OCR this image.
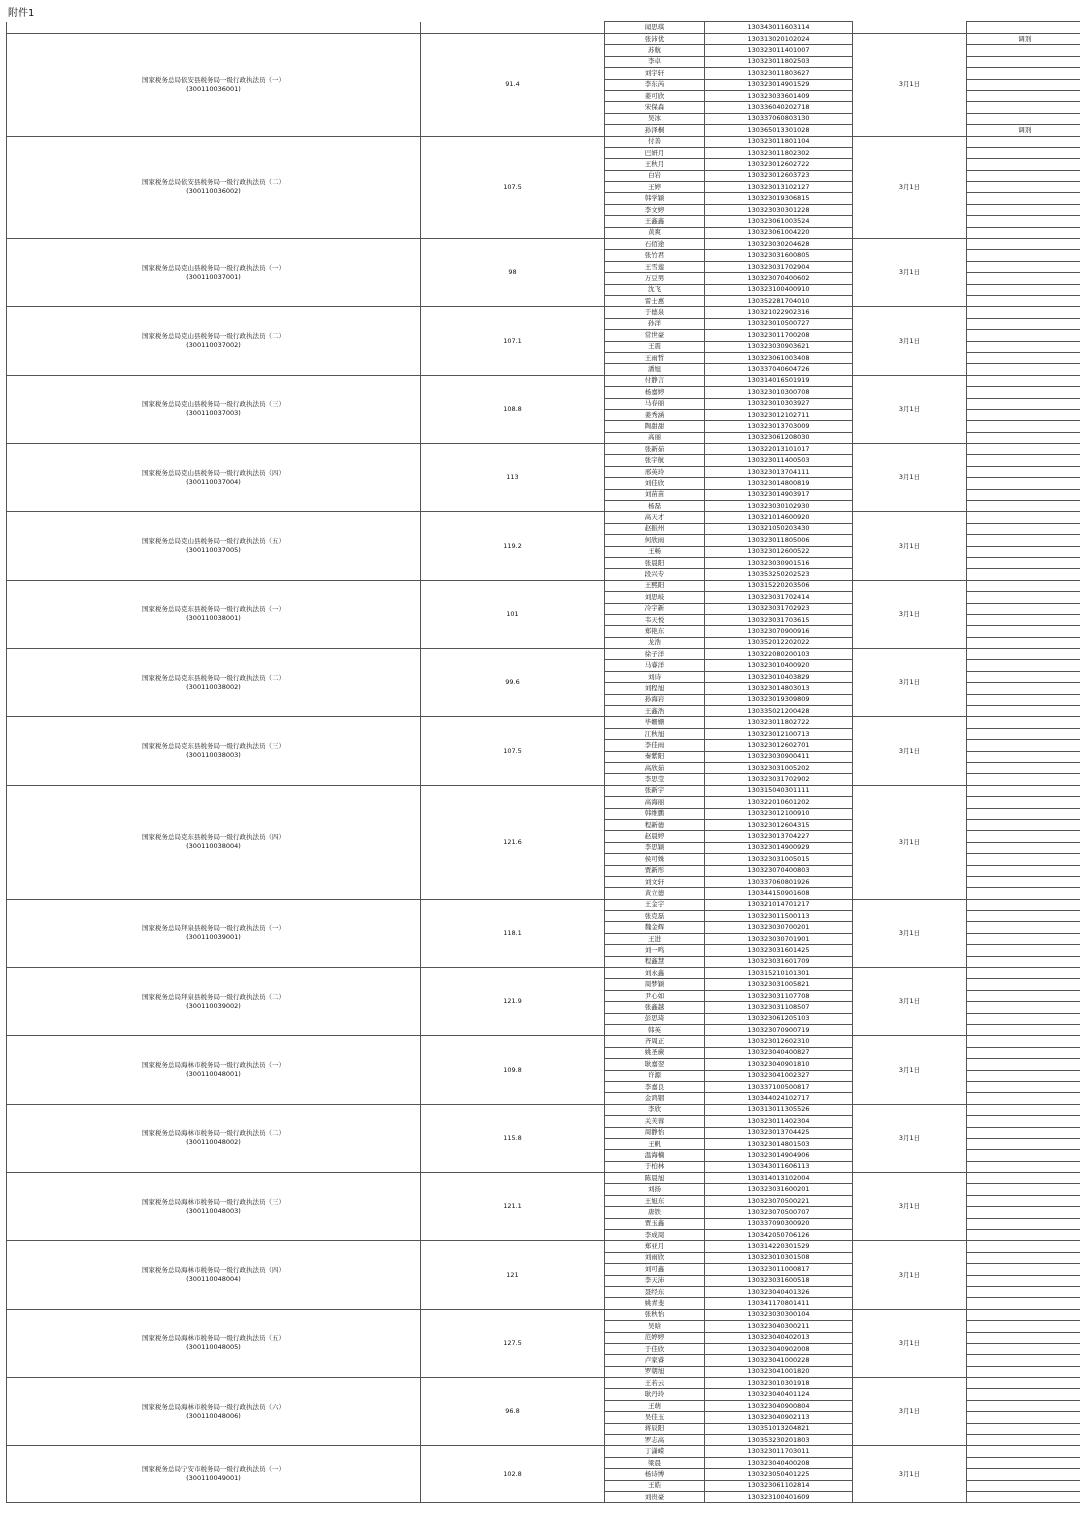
附件1
		闻思琪	130343011603114		

国家税务总局依安县税务局一级行政执法员（一）
(300110036001)	91.4	张沛优	130313020102024	3月1日	调剂
		苏航	130323011401007		
		李卓	130323011802503		
		刘宇轩	130323011803627		
		李东芮	130323014901529		
		姜可欣	130323033601409		
		宋保森	130336040202718		
		吴冰	130337060803130		
		孙泽桐	130365013301028		调剂

国家税务总局依安县税务局一级行政执法员（二）
(300110036002)	107.5	付善	130323011801104	3月1日	
		巴妍月	130323011802302		
		王秋月	130323012602722		
		白岩	130323012603723		
		王婷	130323013102127		
		韩学颖	130323019306815		
		李文婷	130323030301228		
		王鑫鑫	130323061003524		
		黄爽	130323061004220		

国家税务总局克山县税务局一级行政执法员（一）
(300110037001)	98	石佰途	130323030204628	3月1日	
		张竹君	130323031600805		
		王雪莲	130323031702904		
		万豆男	130323070400602		
		沈飞	130323100400910		
		雷士惠	130352281704010		

国家税务总局克山县税务局一级行政执法员（二）
(300110037002)	107.1	于德泉	130321022902316	3月1日	
		孙洋	130323010500727		
		常世豪	130323011700208		
		王震	130323030903621		
		王雨晢	130323061003408		
		潘旭	130337040604726		

国家税务总局克山县税务局一级行政执法员（三）
(300110037003)	108.8	付静言	130314016501919	3月1日	
		杨嘉婷	130323010300708		
		马春丽	130323010303927		
		姜秀涵	130323012102711		
		陶甜甜	130323013703009		
		高丽	130323061208030		

国家税务总局克山县税务局一级行政执法员（四）
(300110037004)	113	张新茹	130322013101017	3月1日	
		张宇航	130323011400503		
		邢英玲	130323013704111		
		刘佳欣	130323014800819		
		刘苗苗	130323014903917		
		杨磊	130323030102930		

国家税务总局克山县税务局一级行政执法员（五）
(300110037005)	119.2	高天才	130321014600920	3月1日	
		赵振州	130321050203430		
		何欣雨	130323011805006		
		王畅	130323012600522		
		张晨阳	130323030901516		
		段兴专	130353250202523		

国家税务总局克东县税务局一级行政执法员（一）
(300110038001)	101	王熙阳	130315220203506	3月1日	
		刘思岐	130323031702414		
		冷宇新	130323031702923		
		韦天悦	130323031703615		
		郑艳东	130323070900916		
		龙浩	130352012202022		

国家税务总局克东县税务局一级行政执法员（二）
(300110038002)	99.6	徐子洋	130322080200103	3月1日	
		马睿洋	130323010400920		
		刘诗	130323010403829		
		刘程旭	130323014803013		
		孙海岩	130323019309809		
		王鑫浩	130335021200428		

国家税务总局克东县税务局一级行政执法员（三）
(300110038003)	107.5	毕姗姗	130323011802722	3月1日	
		江秋旭	130323012100713		
		李佳雨	130323012602701		
		秦紫阳	130323030900411		
		高欣茹	130323031005202		
		李思莹	130323031702902		

国家税务总局克东县税务局一级行政执法员（四）
(300110038004)	121.6	张新宇	130315040301111	3月1日	
		高海丽	130322010601202		
		韩维鹏	130323012100910		
		程新德	130323012604315		
		赵晨婷	130323013704227		
		李思颖	130323014900929		
		侯可姝	130323031005015		
		贾新彤	130323070400803		
		刘文轩	130337060801926		
		黄立德	130344150901608		

国家税务总局拜泉县税务局一级行政执法员（一）
(300110039001)	118.1	王金宇	130321014701217	3月1日	
		张克磊	130323011500113		
		魏金辉	130323030700201		
		王进	130323030701901		
		刘一鸣	130323031601425		
		程鑫慧	130323031601709		

国家税务总局拜泉县税务局一级行政执法员（二）
(300110039002)	121.9	刘永鑫	130315210101301	3月1日	
		周梦颖	130323031005821		
		尹心如	130323031107708		
		张鑫越	130323031108507		
		彭思琦	130323061205103		
		韩英	130323070900719		

国家税务总局海林市税务局一级行政执法员（一）
(300110048001)	109.8	齐周正	130323012602310	3月1日	
		姚圣蕨	130323040400827		
		耿嘉翌	130323040901810		
		许源	130323041002327		
		李嘉良	130337100500817		
		金鸿铟	130344024102717		

国家税务总局海林市税务局一级行政执法员（二）
(300110048002)	115.8	李欣	130313011305526	3月1日	
		关芙蓉	130323011402304		
		周静怡	130323013704425		
		王帆	130323014801503		
		温海楠	130323014904906		
		于柏林	130343011606113		

国家税务总局海林市税务局一级行政执法员（三）
(300110048003)	121.1	陈晨旭	130314013102004	3月1日	
		刘扬	130323031600201		
		王旭东	130323070500221		
		唐铁	130323070500707		
		贾玉鑫	130337090300920		
		李成周	130342050706126		

国家税务总局海林市税务局一级行政执法员（四）
(300110048004)	121	郑亚月	130314220301529	3月1日	
		刘雨欣	130323010301508		
		刘可鑫	130323011000817		
		李天沛	130323031600518		
		聂经东	130323040401326		
		姚青斐	130341170801411		

国家税务总局海林市税务局一级行政执法员（五）
(300110048005)	127.5	张秋怡	130323030300104	3月1日	
		吴晗	130323040300211		
		范婷婷	130323040402013		
		于佳欣	130323040902008		
		卢家睿	130323041000228		
		罗朝旭	130323041001820		

国家税务总局海林市税务局一级行政执法员（六）
(300110048006)	96.8	王若云	130323010301918	3月1日	
		耿丹玲	130323040401124		
		王萌	130323040900804		
		吴佳玉	130323040902113		
		蒋辰阳	130351013204821		
		罗志高	130353230201803		

国家税务总局宁安市税务局一级行政执法员（一）
(300110049001)	102.8	丁潇嵘	130323011703011	3月1日	
		梁晨	130323040400208		
		杨诗博	130323050401225		
		王皓	130323061102814		
		刘贵豪	130323100401609		
